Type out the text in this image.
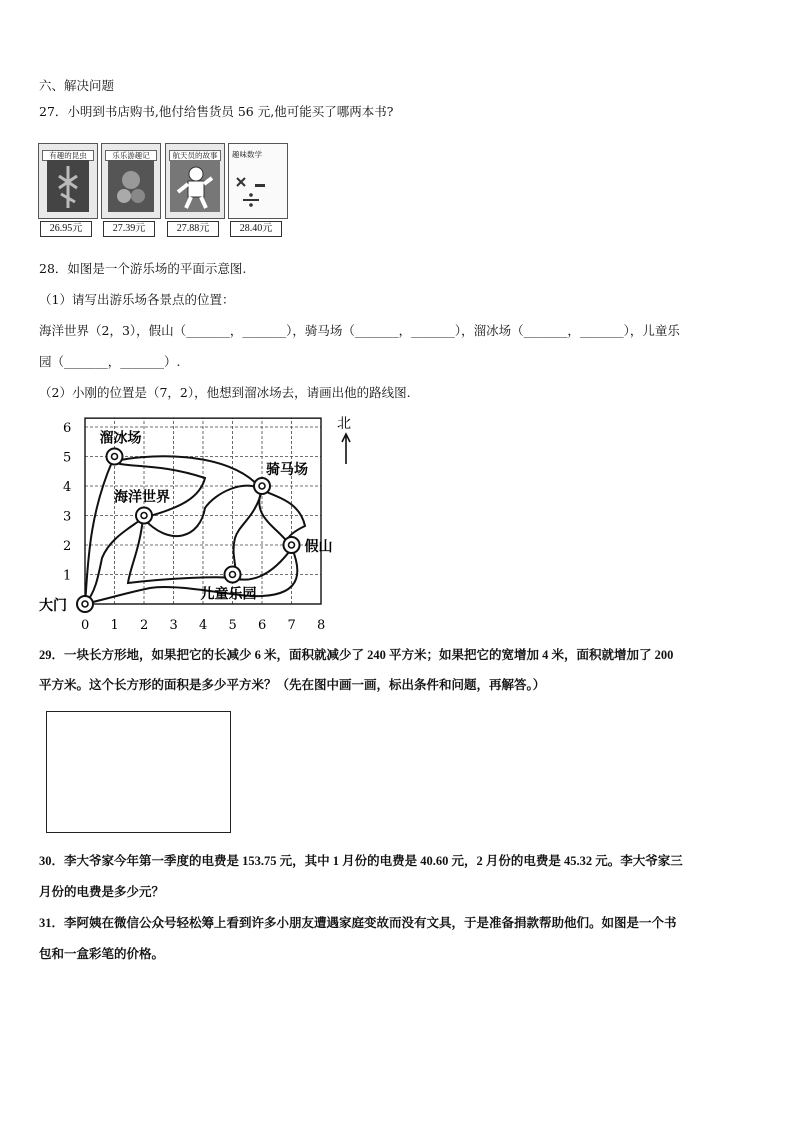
六、解决问题
27．小明到书店购书,他付给售货员 56 元,他可能买了哪两本书?
有趣的昆虫	乐乐游趣记	航天员的故事	趣味数学
26.95元	27.39元	27.88元	28.40元
28．如图是一个游乐场的平面示意图.
（1）请写出游乐场各景点的位置：
海洋世界（2，3），假山（_______，_______），骑马场（_______，_______），溜冰场（_______，_______），儿童乐
园（_______，_______）.
（2）小刚的位置是（7，2），他想到溜冰场去，请画出他的路线图.
0 1 2 3 4 5 6 7 8
1
2
3
4
5
6
溜冰场
骑马场
海洋世界
假山
儿童乐园
大门
北
29．一块长方形地，如果把它的长减少 6 米，面积就减少了 240 平方米；如果把它的宽增加 4 米，面积就增加了 200
平方米。这个长方形的面积是多少平方米？（先在图中画一画，标出条件和问题，再解答。）
30．李大爷家今年第一季度的电费是 153.75 元，其中 1 月份的电费是 40.60 元，2 月份的电费是 45.32 元。李大爷家三
月份的电费是多少元？
31．李阿姨在微信公众号轻松筹上看到许多小朋友遭遇家庭变故而没有文具，于是准备捐款帮助他们。如图是一个书
包和一盒彩笔的价格。
